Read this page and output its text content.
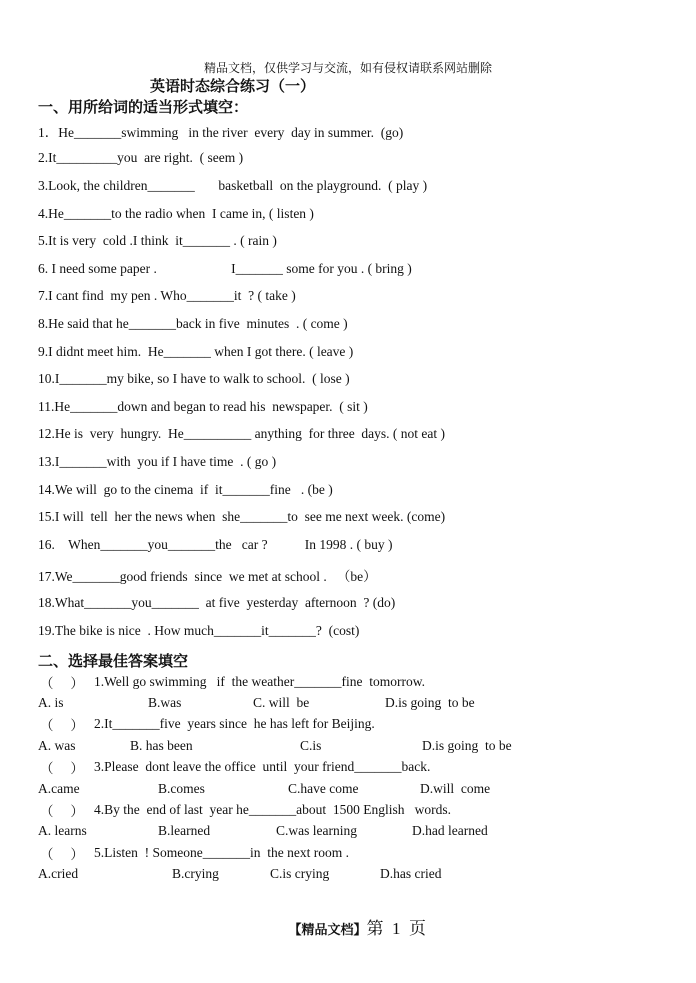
精品文档，仅供学习与交流，如有侵权请联系网站删除
英语时态综合练习（一）
一、用所给词的适当形式填空：
1．He_______swimming   in the river  every  day in summer.  (go)
2.It_________you  are right.  ( seem )
3.Look, the children_______       basketball  on the playground.  ( play )
4.He_______to the radio when  I came in, ( listen )
5.It is very  cold .I think  it_______ . ( rain )
6. I need some paper .                      I_______ some for you . ( bring )
7.I cant find  my pen . Who_______it  ? ( take )
8.He said that he_______back in five  minutes  . ( come )
9.I didnt meet him.  He_______ when I got there. ( leave )
10.I_______my bike, so I have to walk to school.  ( lose )
11.He_______down and began to read his  newspaper.  ( sit )
12.He is  very  hungry.  He__________ anything  for three  days. ( not eat )
13.I_______with  you if I have time  . ( go )
14.We will  go to the cinema  if  it_______fine   . (be )
15.I will  tell  her the news when  she_______to  see me next week. (come)
16.    When_______you_______the   car ?           In 1998 . ( buy )
17.We_______good friends  since  we met at school .   （be）
18.What_______you_______  at five  yesterday  afternoon  ? (do)
19.The bike is nice  . How much_______it_______?  (cost)
二、选择最佳答案填空
（     ） 1.Well go swimming   if  the weather_______fine  tomorrow.
A. is	B.was	C. will  be	D.is going  to be
（     ） 2.It_______five  years since  he has left for Beijing.
A. was	B. has been	C.is	D.is going  to be
（     ） 3.Please  dont leave the office  until  your friend_______back.
A.came	B.comes	C.have come	D.will  come
（     ） 4.By the  end of last  year he_______about  1500 English   words.
A. learns	B.learned	C.was learning	D.had learned
（     ） 5.Listen  ! Someone_______in  the next room .
A.cried	B.crying	C.is crying	D.has cried

【精品文档】第  1  页
